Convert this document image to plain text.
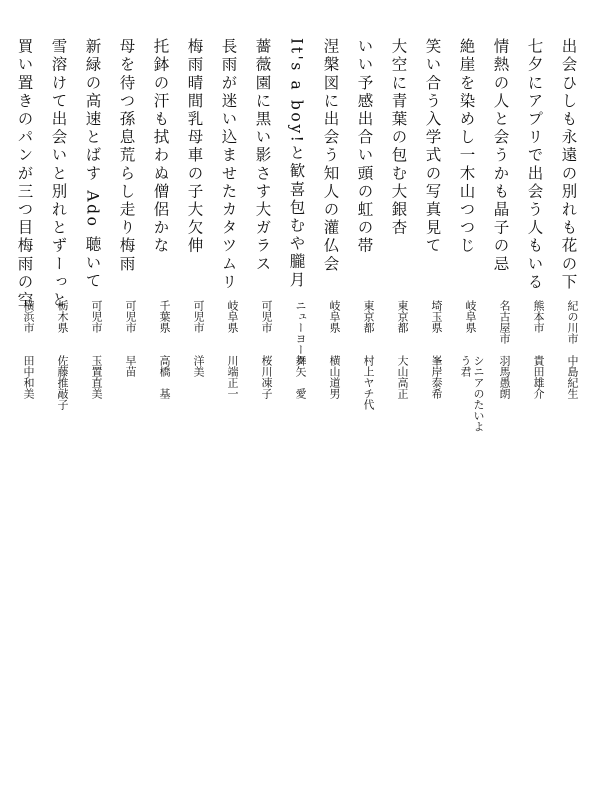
出会ひしも永遠の別れも花の下
七夕にアプリで出会う人もいる
情熱の人と会うかも晶子の忌
絶崖を染めし一木山つつじ
笑い合う入学式の写真見て
大空に青葉の包む大銀杏
いい予感出合い頭の虹の帯
涅槃図に出会う知人の灌仏会
It's a boy!と歓喜包むや朧月
薔薇園に黒い影さす大ガラス
長雨が迷い込ませたカタツムリ
梅雨晴間乳母車の子大欠伸
托鉢の汗も拭わぬ僧侶かな
母を待つ孫息荒らし走り梅雨
新緑の高速とばす Ado 聴いて
雪溶けて出会いと別れとずーっと
買い置きのパンが三つ目梅雨の空
紀の川市
熊本市
名古屋市
岐阜県
埼玉県
東京都
東京都
岐阜県
ニューヨーク
可児市
岐阜県
可児市
千葉県
可児市
可児市
栃木県
横浜市
中島紀生
貴田雄介
羽馬愚朗
シニアのたいよう君
峯岸泰希
大山高正
村上ヤチ代
横山道男
舞矢　愛
桜川凍子
川端正一
洋美
高橋　基
早苗
玉置直美
佐藤推敲子
田中和美
